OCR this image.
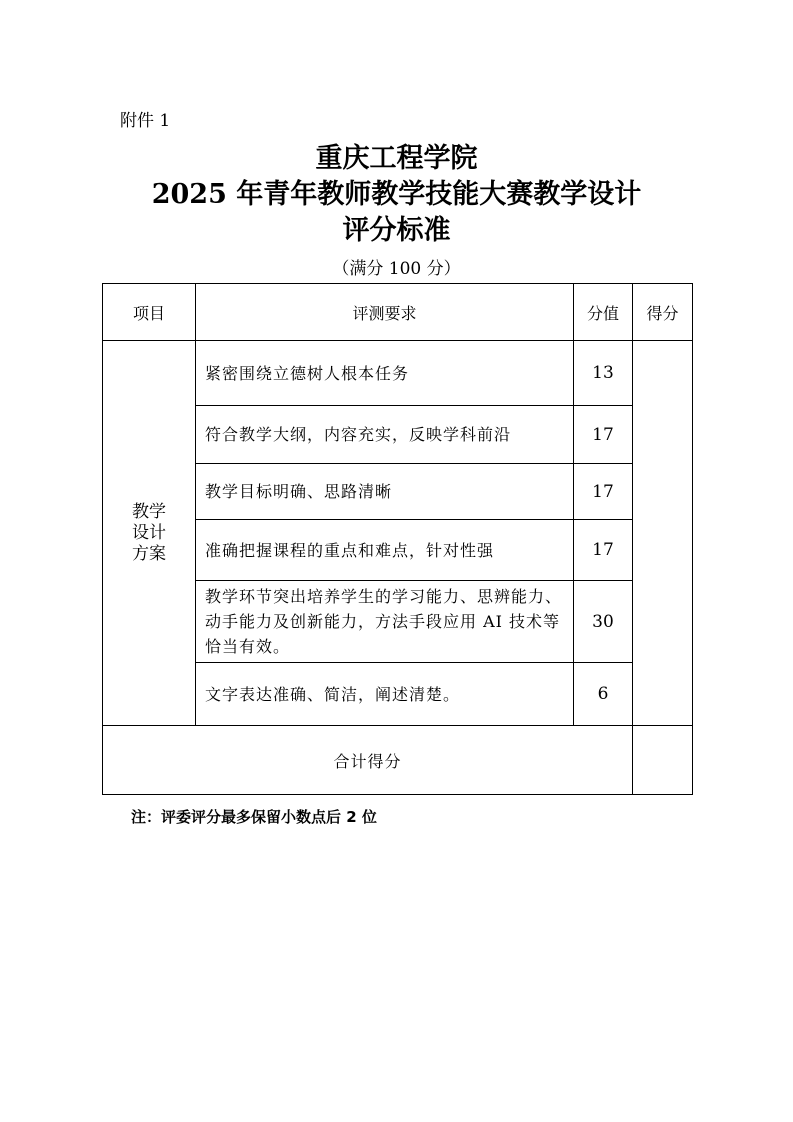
附件 1
重庆工程学院
2025 年青年教师教学技能大赛教学设计
评分标准
（满分 100 分）
项目	评测要求	分值	得分

教学设计方案	紧密围绕立德树人根本任务	13	
	符合教学大纲，内容充实，反映学科前沿	17	
	教学目标明确、思路清晰	17	
	准确把握课程的重点和难点，针对性强	17	
	教学环节突出培养学生的学习能力、思辨能力、动手能力及创新能力，方法手段应用 AI 技术等恰当有效。	30	
	文字表达准确、简洁，阐述清楚。	6	
合计得分			
注：评委评分最多保留小数点后 2 位
